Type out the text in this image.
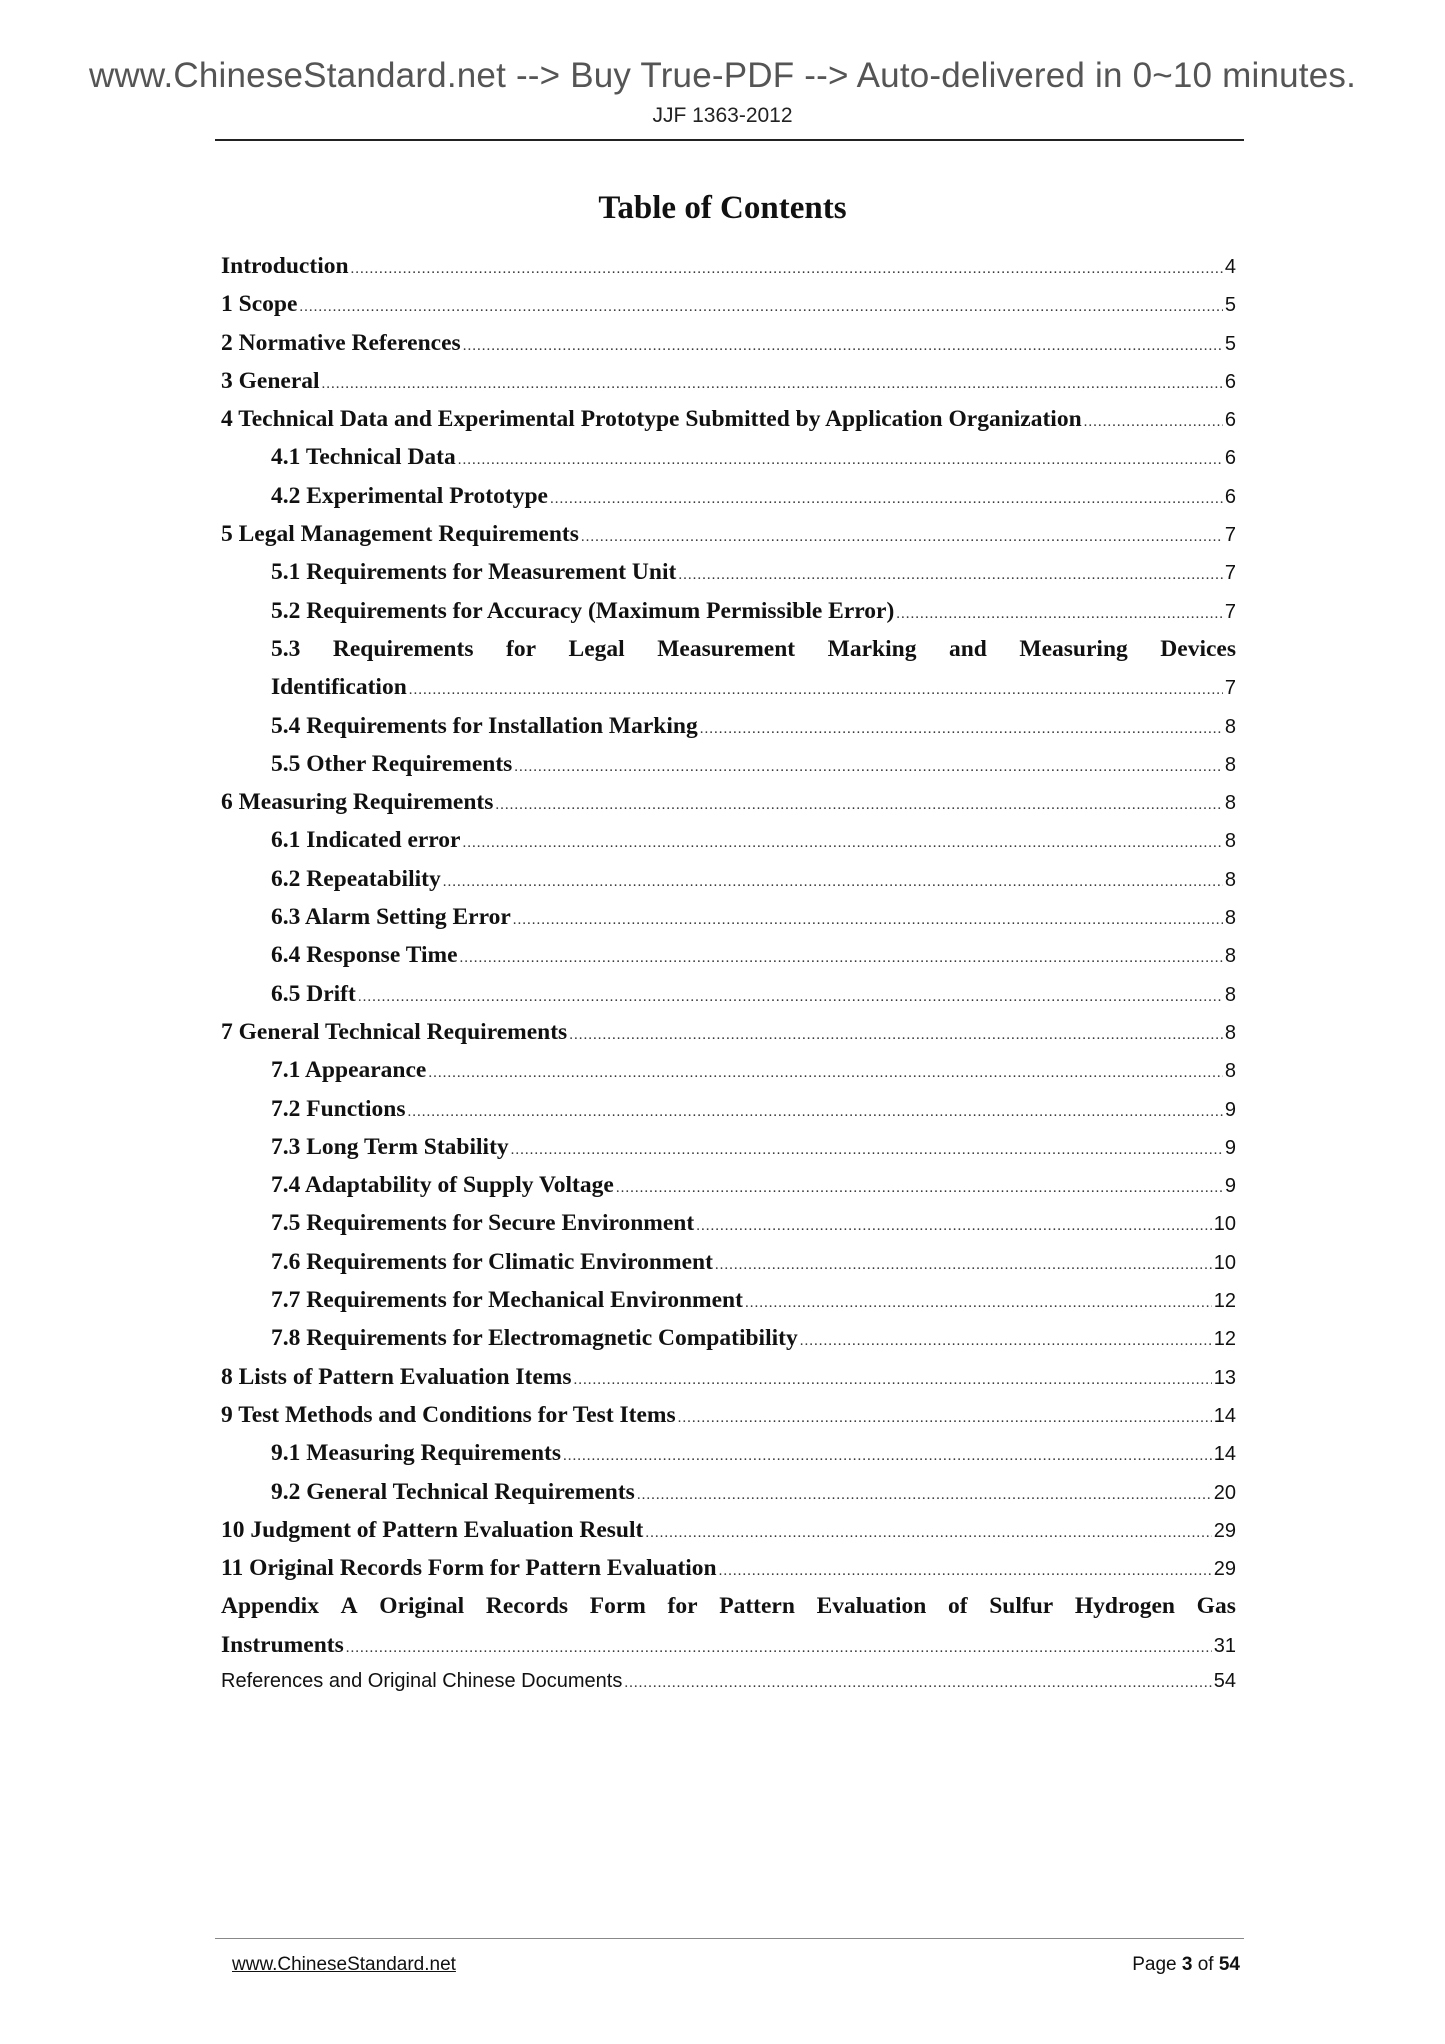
www.ChineseStandard.net --> Buy True-PDF --> Auto-delivered in 0~10 minutes.
JJF 1363-2012
Table of Contents
Introduction .....	4
1 Scope .....	5
2 Normative References .....	5
3 General .....	6
4 Technical Data and Experimental Prototype Submitted by Application Organization .....	6
4.1 Technical Data .....	6
4.2 Experimental Prototype .....	6
5 Legal Management Requirements .....	7
5.1 Requirements for Measurement Unit .....	7
5.2 Requirements for Accuracy (Maximum Permissible Error) .....	7
5.3 Requirements for Legal Measurement Marking and Measuring Devices
Identification .....	7
5.4 Requirements for Installation Marking .....	8
5.5 Other Requirements .....	8
6 Measuring Requirements .....	8
6.1 Indicated error .....	8
6.2 Repeatability .....	8
6.3 Alarm Setting Error .....	8
6.4 Response Time .....	8
6.5 Drift .....	8
7 General Technical Requirements .....	8
7.1 Appearance .....	8
7.2 Functions .....	9
7.3 Long Term Stability .....	9
7.4 Adaptability of Supply Voltage .....	9
7.5 Requirements for Secure Environment .....	10
7.6 Requirements for Climatic Environment .....	10
7.7 Requirements for Mechanical Environment .....	12
7.8 Requirements for Electromagnetic Compatibility .....	12
8 Lists of Pattern Evaluation Items .....	13
9 Test Methods and Conditions for Test Items .....	14
9.1 Measuring Requirements .....	14
9.2 General Technical Requirements .....	20
10 Judgment of Pattern Evaluation Result .....	29
11 Original Records Form for Pattern Evaluation .....	29
Appendix A Original Records Form for Pattern Evaluation of Sulfur Hydrogen Gas
Instruments .....	31
References and Original Chinese Documents .....	54
www.ChineseStandard.net	Page 3 of 54
